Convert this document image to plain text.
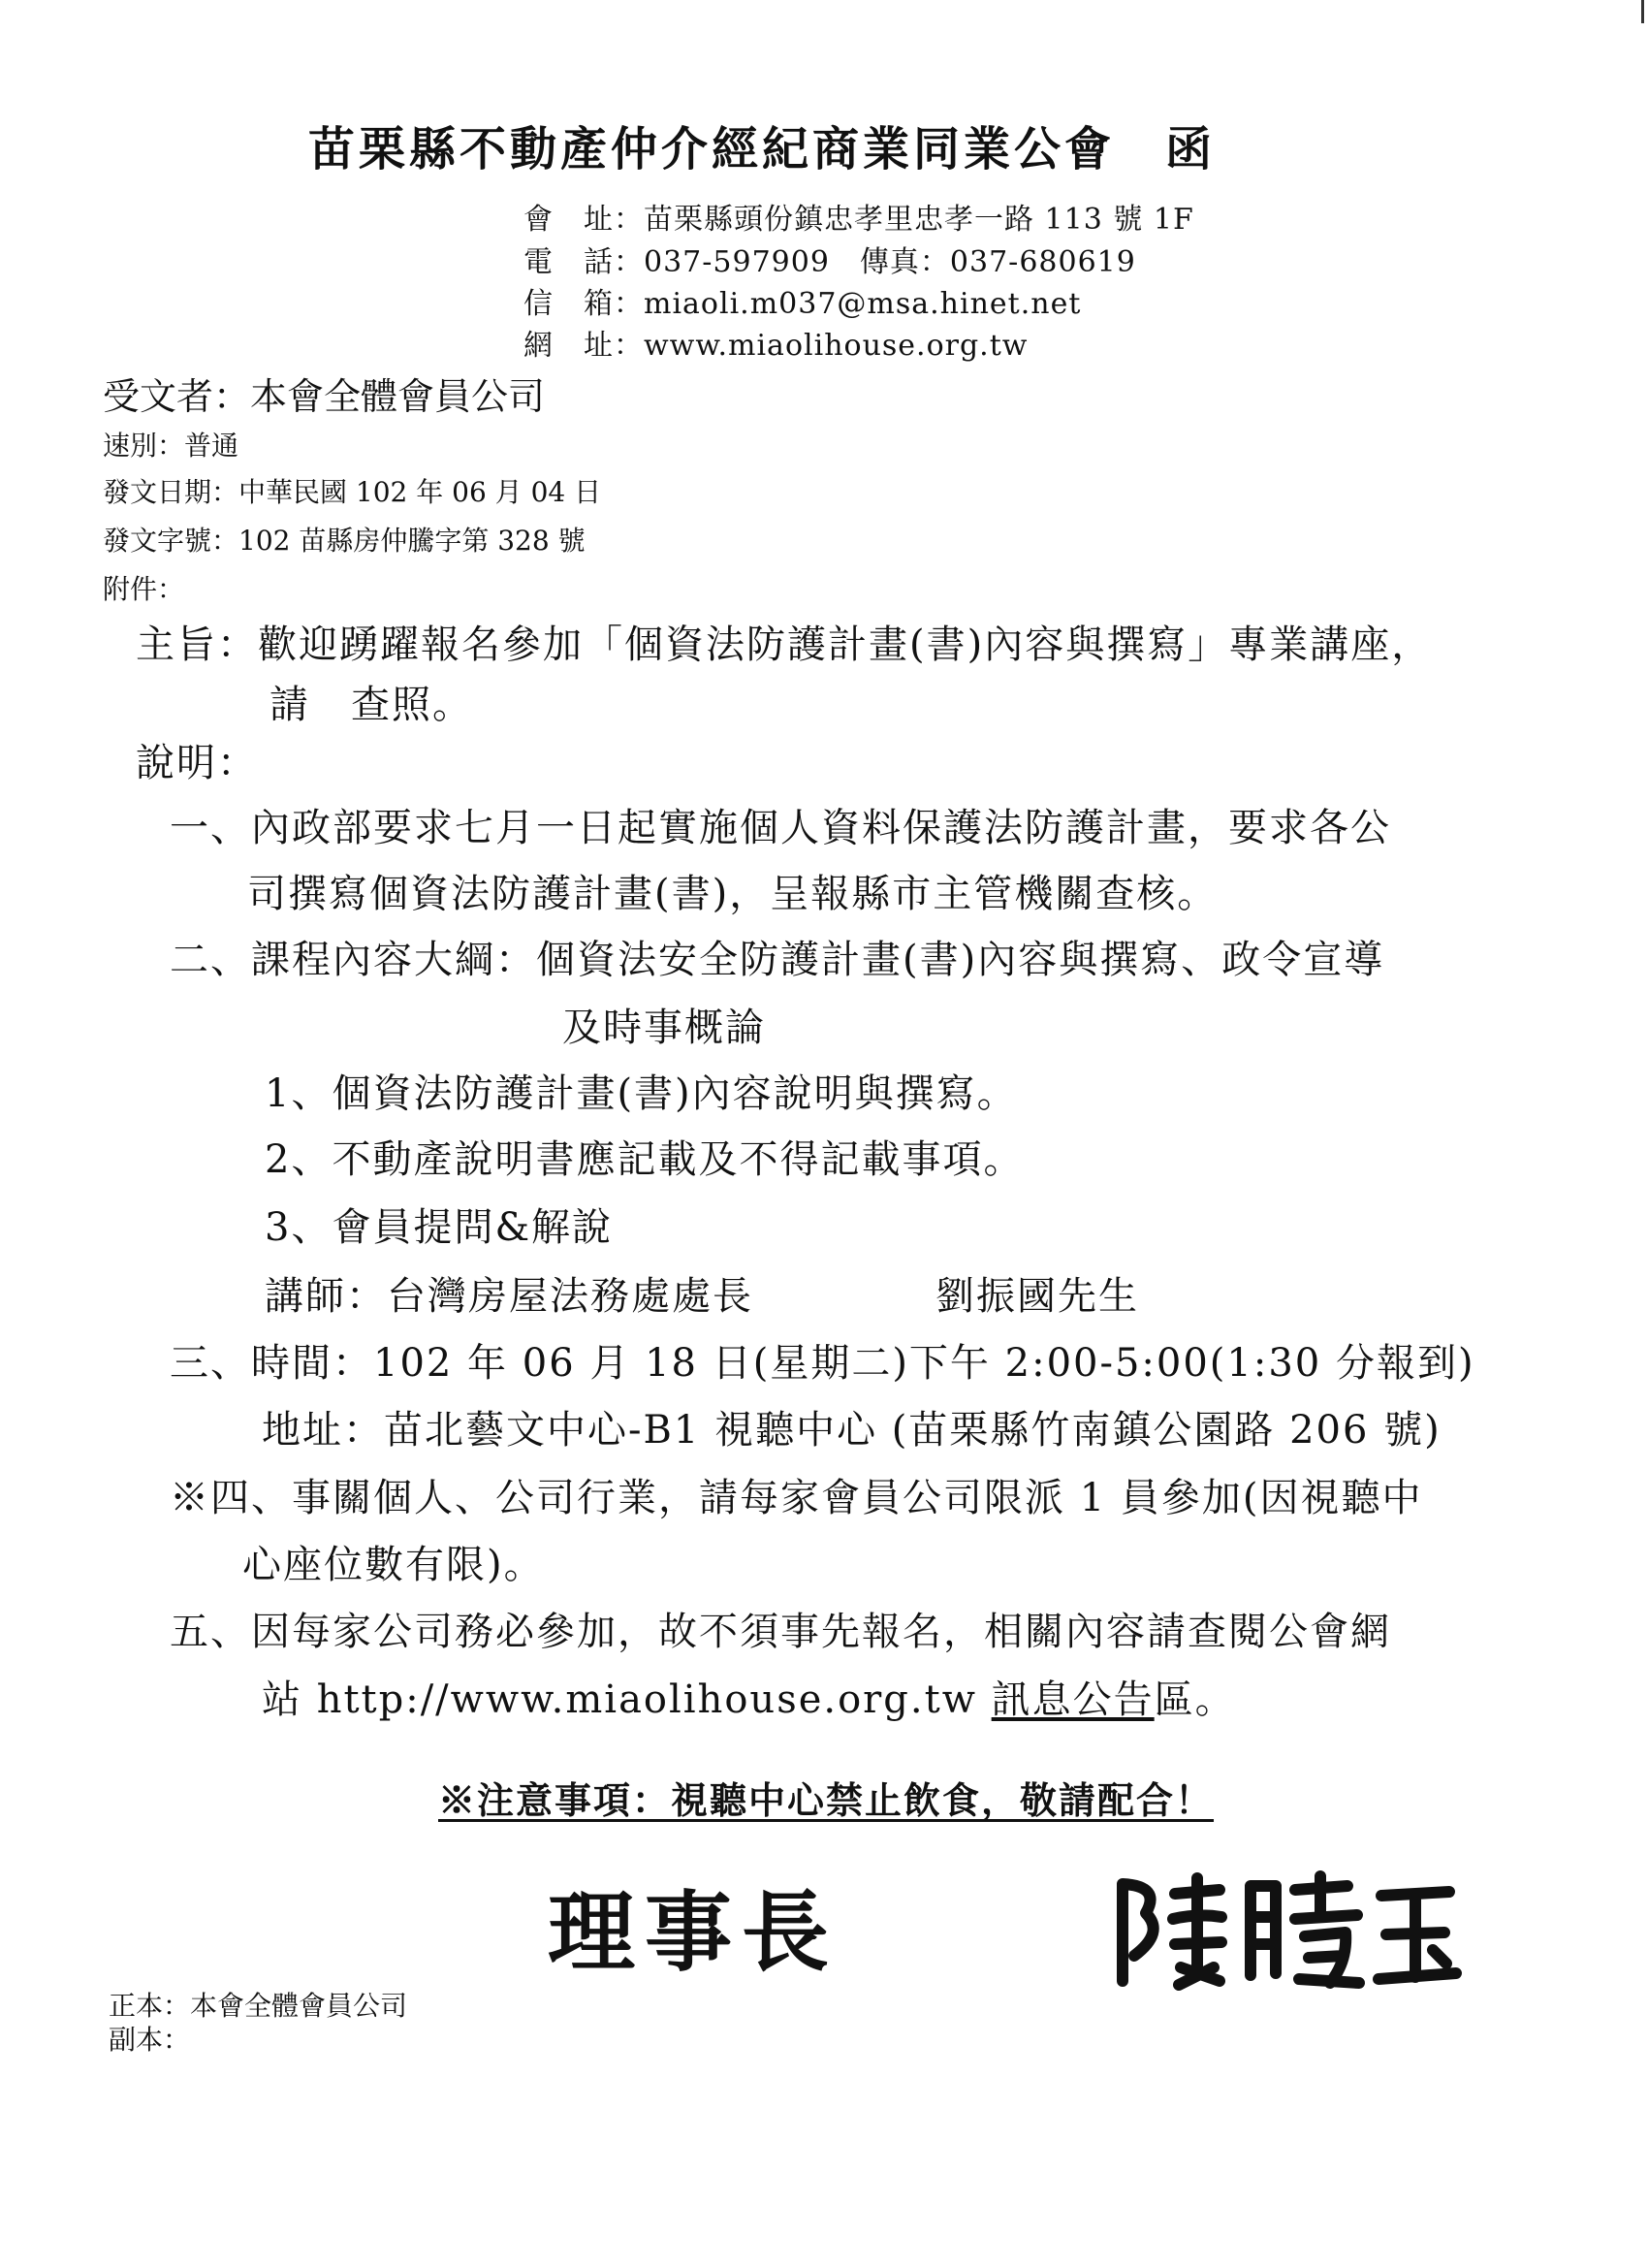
苗栗縣不動產仲介經紀商業同業公會　函
會　址：苗栗縣頭份鎮忠孝里忠孝一路 113 號 1F
電　話：037-597909　傳真：037-680619
信　箱：miaoli.m037@msa.hinet.net
網　址：www.miaolihouse.org.tw
受文者：本會全體會員公司
速別：普通
發文日期：中華民國 102 年 06 月 04 日
發文字號：102 苗縣房仲騰字第 328 號
附件：
主旨：歡迎踴躍報名參加「個資法防護計畫(書)內容與撰寫」專業講座，
請　查照。
說明：
一、內政部要求七月一日起實施個人資料保護法防護計畫，要求各公
司撰寫個資法防護計畫(書)，呈報縣市主管機關查核。
二、課程內容大綱：個資法安全防護計畫(書)內容與撰寫、政令宣導
及時事概論
1、個資法防護計畫(書)內容說明與撰寫。
2、不動產說明書應記載及不得記載事項。
3、會員提問&解說
講師：台灣房屋法務處處長	劉振國先生
三、時間：102 年 06 月 18 日(星期二)下午 2:00-5:00(1:30 分報到)
地址：苗北藝文中心-B1 視聽中心 (苗栗縣竹南鎮公園路 206 號)
※四、事關個人、公司行業，請每家會員公司限派 1 員參加(因視聽中
心座位數有限)。
五、因每家公司務必參加，故不須事先報名，相關內容請查閱公會網
站 http://www.miaolihouse.org.tw 訊息公告區。
※注意事項：視聽中心禁止飲食，敬請配合！
理事長
正本：本會全體會員公司
副本：
